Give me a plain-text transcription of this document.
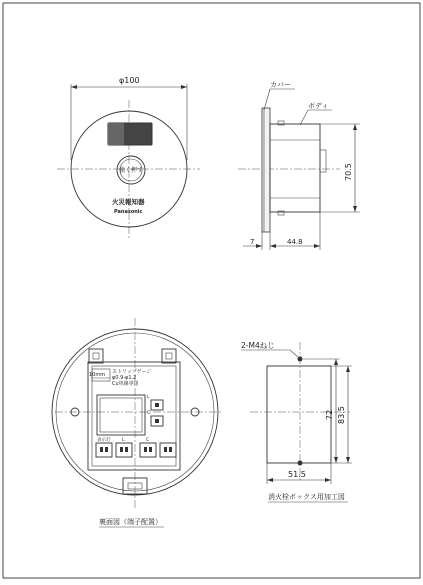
φ100
強く押す
火災報知器
Panasonic
カバー
ボディ
70.5
7	44.8
10mm ストリップゲージ
φ0.9-φ1.2
Cu単線専用
L
C
表示灯	L	C
裏面図（端子配置）
2-M4ねじ
83.5
72
51.5
消火栓ボックス用加工図
